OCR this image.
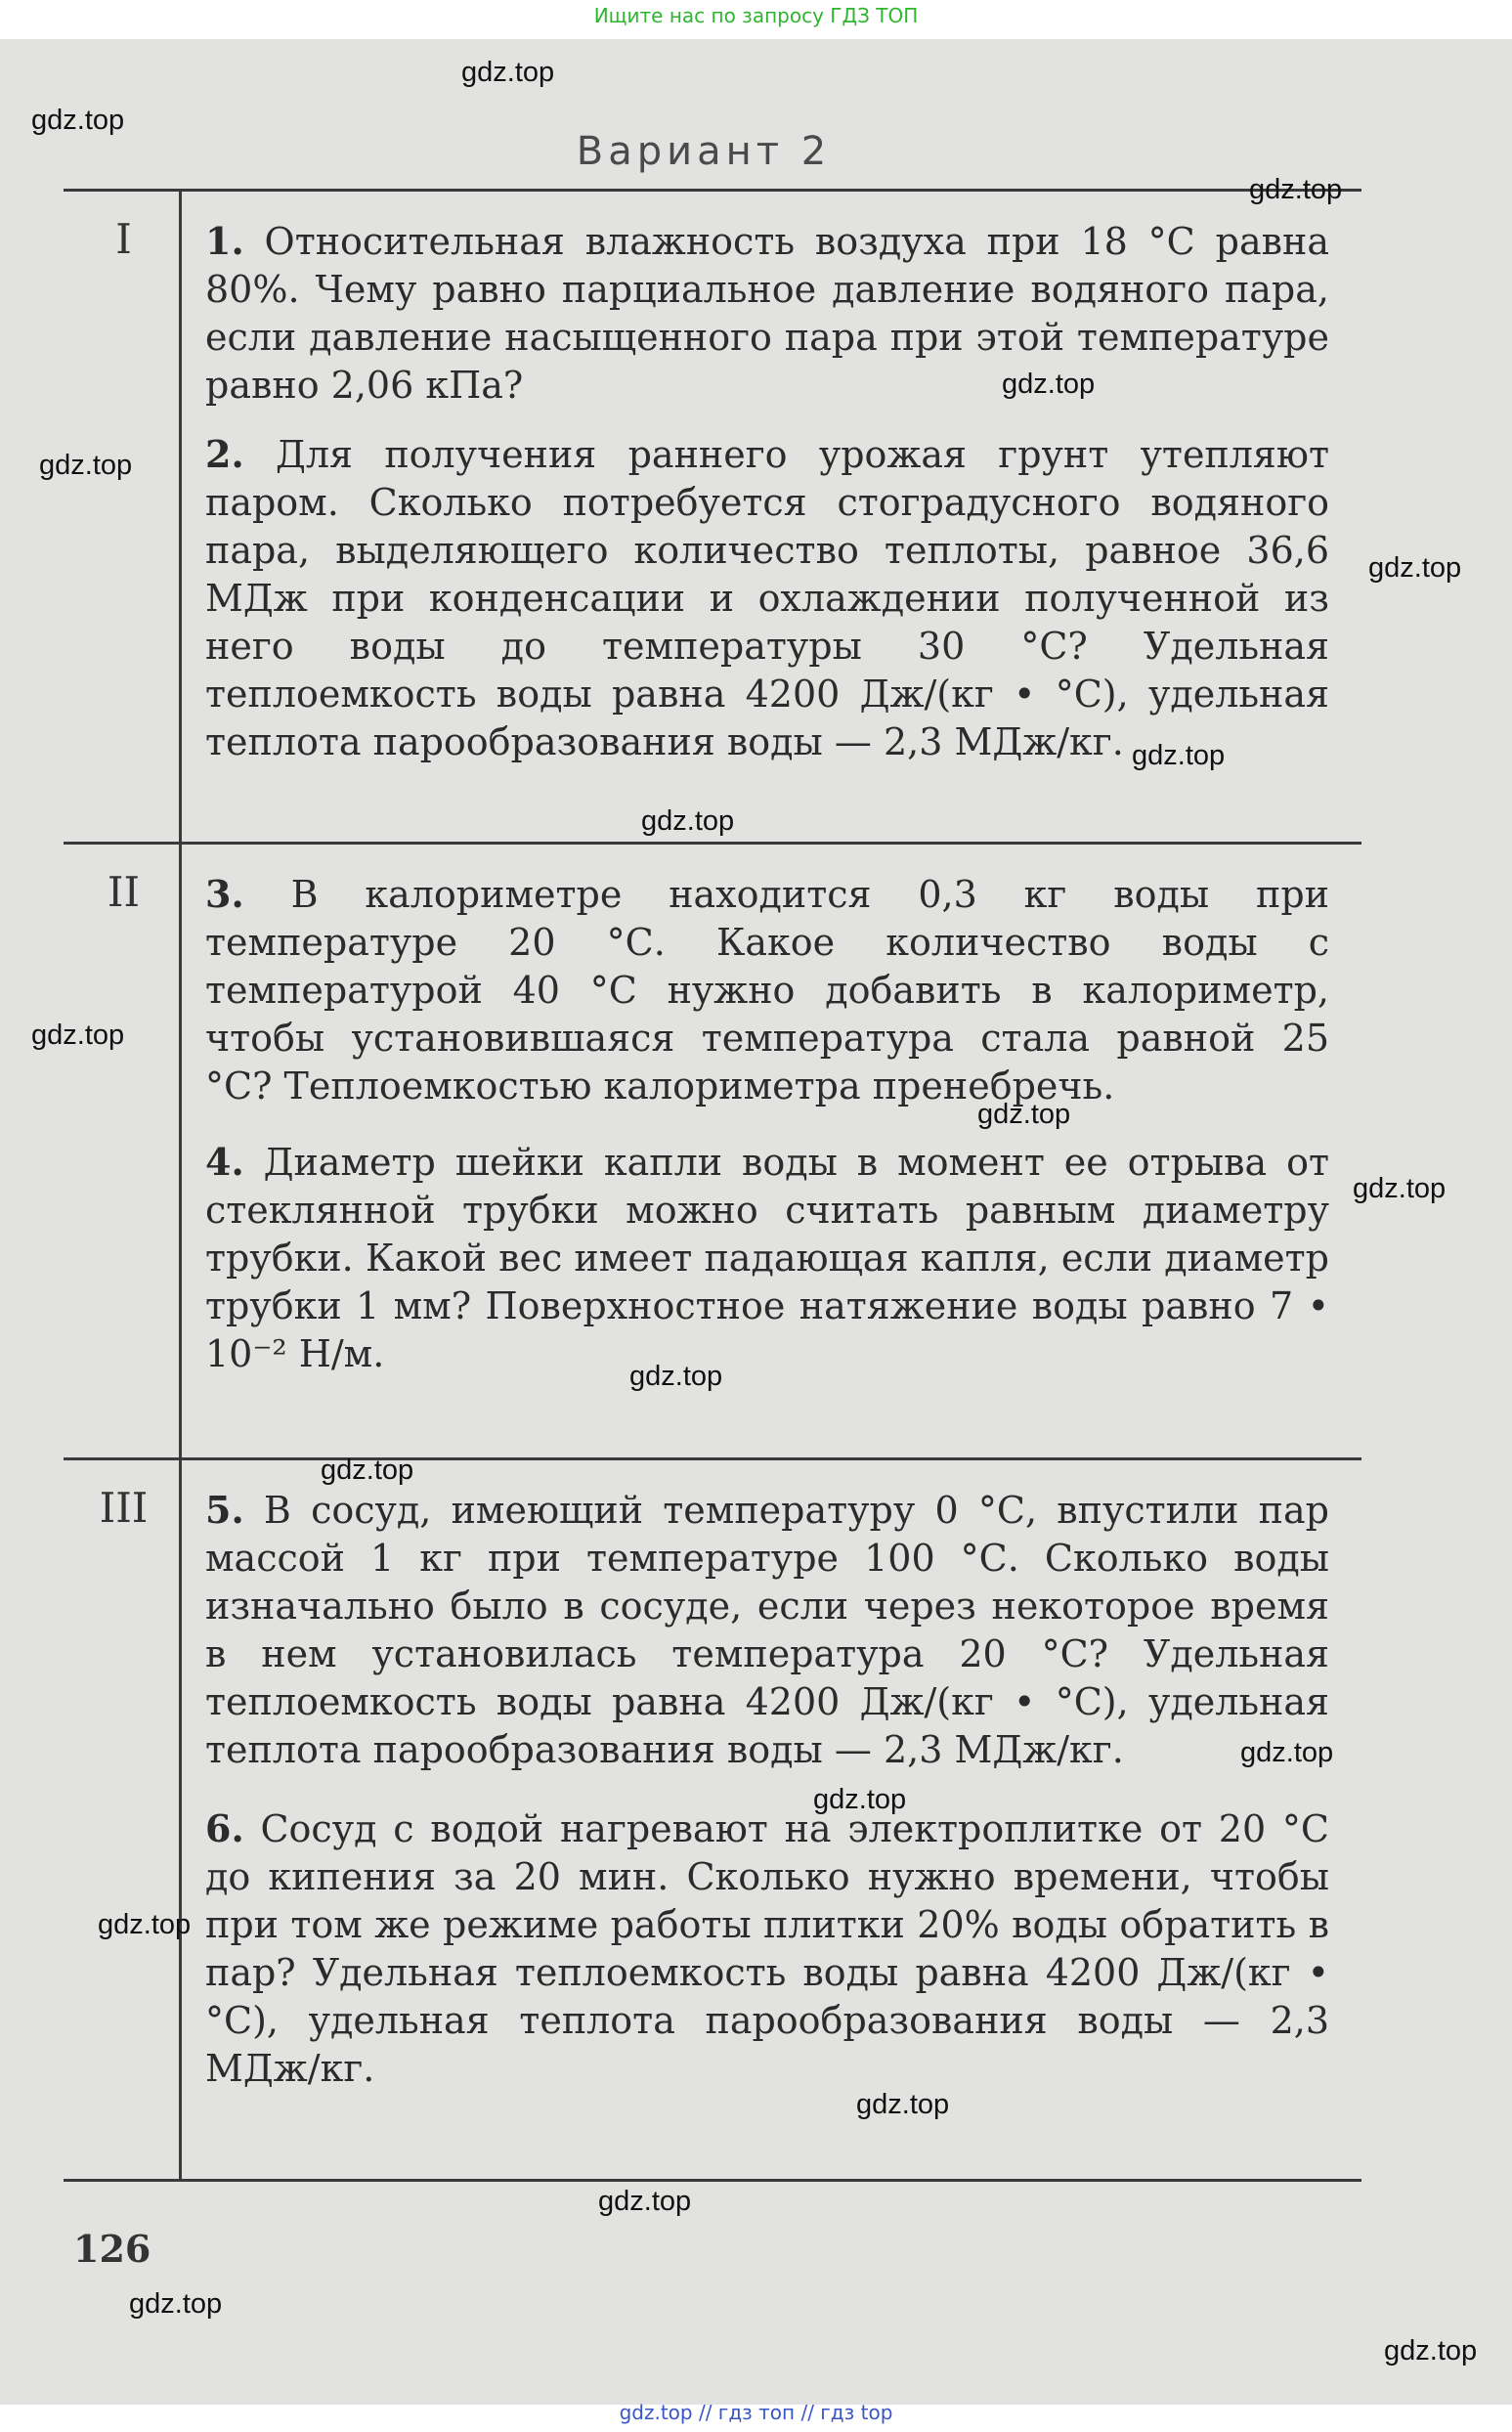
Ищите нас по запросу ГДЗ ТОП
Вариант 2
I
II
III

1. Относительная влажность воздуха при 18 °С равна 80%. Чему равно парциальное давление водяного пара, если давление насыщенного пара при этой температуре равно 2,06 кПа?

2. Для получения раннего урожая грунт утепляют паром. Сколько потребуется стоградусного водяного пара, выделяющего количество теплоты, равное 36,6 МДж при конденсации и охлаждении полученной из него воды до температуры 30 °С? Удельная теплоемкость воды равна 4200 Дж/(кг • °С), удельная теплота парообразования воды — 2,3 МДж/кг.

3. В калориметре находится 0,3 кг воды при температуре 20 °С. Какое количество воды с температурой 40 °С нужно добавить в калориметр, чтобы установившаяся температура стала равной 25 °С? Теплоемкостью калориметра пренебречь.

4. Диаметр шейки капли воды в момент ее отрыва от стеклянной трубки можно считать равным диаметру трубки. Какой вес имеет падающая капля, если диаметр трубки 1 мм? Поверхностное натяжение воды равно 7 • 10⁻² Н/м.

5. В сосуд, имеющий температуру 0 °С, впустили пар массой 1 кг при температуре 100 °С. Сколько воды изначально было в сосуде, если через некоторое время в нем установилась температура 20 °С? Удельная теплоемкость воды равна 4200 Дж/(кг • °С), удельная теплота парообразования воды — 2,3 МДж/кг.

6. Сосуд с водой нагревают на электроплитке от 20 °С до кипения за 20 мин. Сколько нужно времени, чтобы при том же режиме работы плитки 20% воды обратить в пар? Удельная теплоемкость воды равна 4200 Дж/(кг • °С), удельная теплота парообразования воды — 2,3 МДж/кг.

126
gdz.top
gdz.top
gdz.top
gdz.top
gdz.top
gdz.top
gdz.top
gdz.top
gdz.top
gdz.top
gdz.top
gdz.top
gdz.top
gdz.top
gdz.top
gdz.top
gdz.top
gdz.top
gdz.top
gdz.top
gdz.top // гдз топ // гдз top
